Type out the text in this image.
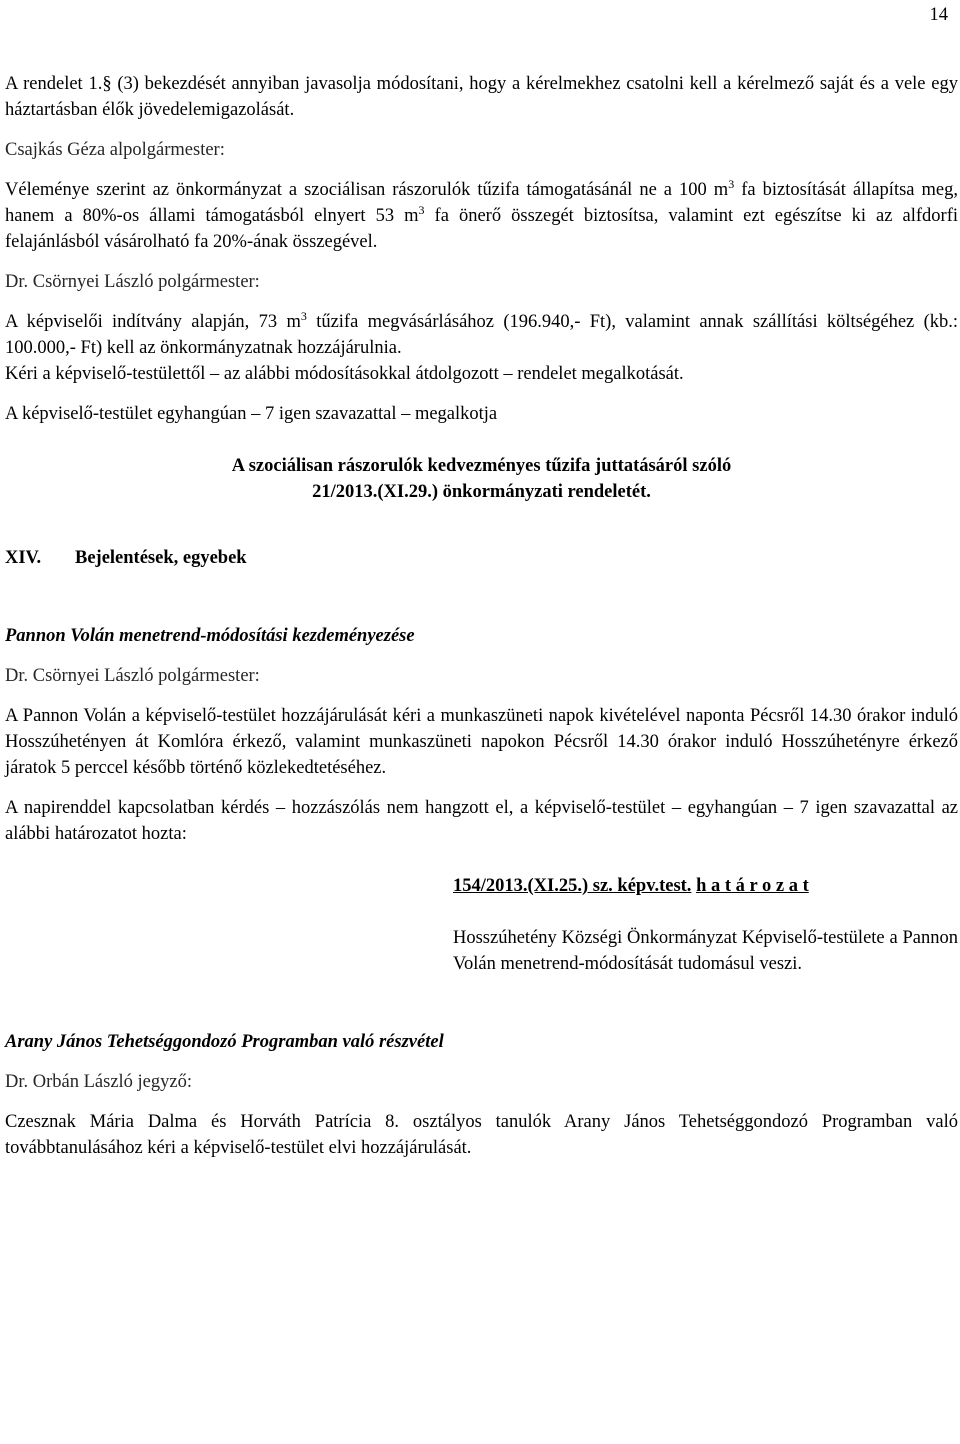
14

A rendelet 1.§ (3) bekezdését annyiban javasolja módosítani, hogy a kérelmekhez csatolni kell a kérelmező saját és a vele egy háztartásban élők jövedelemigazolását.

Csajkás Géza alpolgármester:

Véleménye szerint az önkormányzat a szociálisan rászorulók tűzifa támogatásánál ne a 100 $m^3$ fa biztosítását állapítsa meg, hanem a 80%-os állami támogatásból elnyert 53 $m^3$ fa önerő összegét biztosítsa, valamint ezt egészítse ki az alfdorfi felajánlásból vásárolható fa 20%-ának összegével.

Dr. Csörnyei László polgármester:

A képviselői indítvány alapján, 73 $m^3$ tűzifa megvásárlásához (196.940,- Ft), valamint annak szállítási költségéhez (kb.: 100.000,- Ft) kell az önkormányzatnak hozzájárulnia.

Kéri a képviselő-testülettől – az alábbi módosításokkal átdolgozott – rendelet megalkotását.

A képviselő-testület egyhangúan – 7 igen szavazattal – megalkotja

A szociálisan rászorulók kedvezményes tűzifa juttatásáról szóló

21/2013.(XI.29.) önkormányzati rendeletét.

XIV.	Bejelentések, egyebek

Pannon Volán menetrend-módosítási kezdeményezése

Dr. Csörnyei László polgármester:

A Pannon Volán a képviselő-testület hozzájárulását kéri a munkaszüneti napok kivételével naponta Pécsről 14.30 órakor induló Hosszúhetényen át Komlóra érkező, valamint munkaszüneti napokon Pécsről 14.30 órakor induló Hosszúhetényre érkező járatok 5 perccel később történő közlekedtetéséhez.

A napirenddel kapcsolatban kérdés – hozzászólás nem hangzott el, a képviselő-testület – egyhangúan – 7 igen szavazattal az alábbi határozatot hozta:

154/2013.(XI.25.) sz. képv.test. h a t á r o z a t

Hosszúhetény Községi Önkormányzat Képviselő-testülete a Pannon Volán menetrend-módosítását tudomásul veszi.

Arany János Tehetséggondozó Programban való részvétel

Dr. Orbán László jegyző:

Czesznak Mária Dalma és Horváth Patrícia 8. osztályos tanulók Arany János Tehetséggondozó Programban való továbbtanulásához kéri a képviselő-testület elvi hozzájárulását.
